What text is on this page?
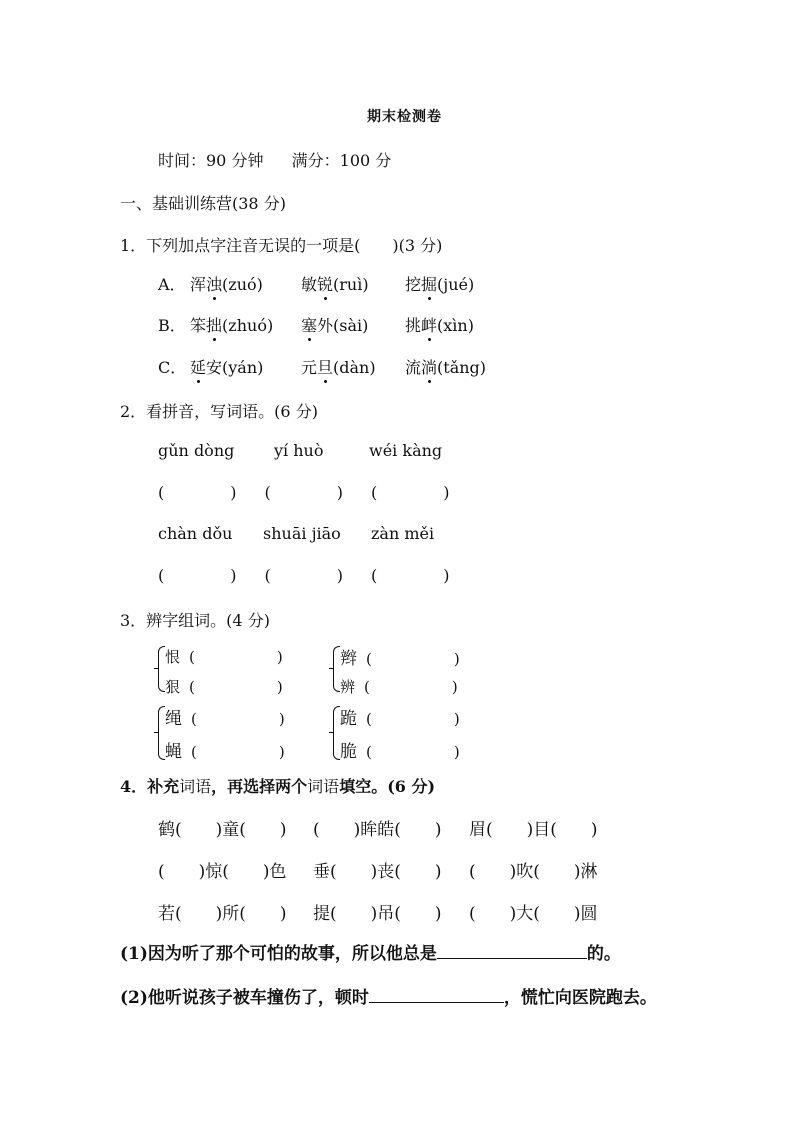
期末检测卷
时间：90 分钟 满分：100 分
一、基础训练营(38 分)
1．下列加点字注音无误的一项是(　　)(3 分)
A． 浑浊(zuó) 敏锐(ruì) 挖掘(jué)
B． 笨拙(zhuó) 塞外(sài) 挑衅(xìn)
C． 延安(yán) 元旦(dàn) 流淌(tǎng)
2．看拼音，写词语。(6 分)
gǔn dòng yí huò	wéi kàng
(	) (	) (	)
chàn dǒu shuāi jiāo zàn měi
(	) (	) (	)
3．辨字组词。(4 分)
恨 (	)
狠 (	)
辫 (	)
辨 (	)
绳 (	)
蝇 (	)
跪 (	)
脆 (	)
4．补充词语，再选择两个词语填空。(6 分)
鹤(　　)童(　　) (　　)眸皓(　　) 眉(　　)目(　　)
(　　)惊(　　)色 垂(　　)丧(　　) (　　)吹(　　)淋
若(　　)所(　　) 提(　　)吊(　　) (　　)大(　　)圆
(1)因为听了那个可怕的故事，所以他总是	的。
(2)他听说孩子被车撞伤了，顿时	，慌忙向医院跑去。
